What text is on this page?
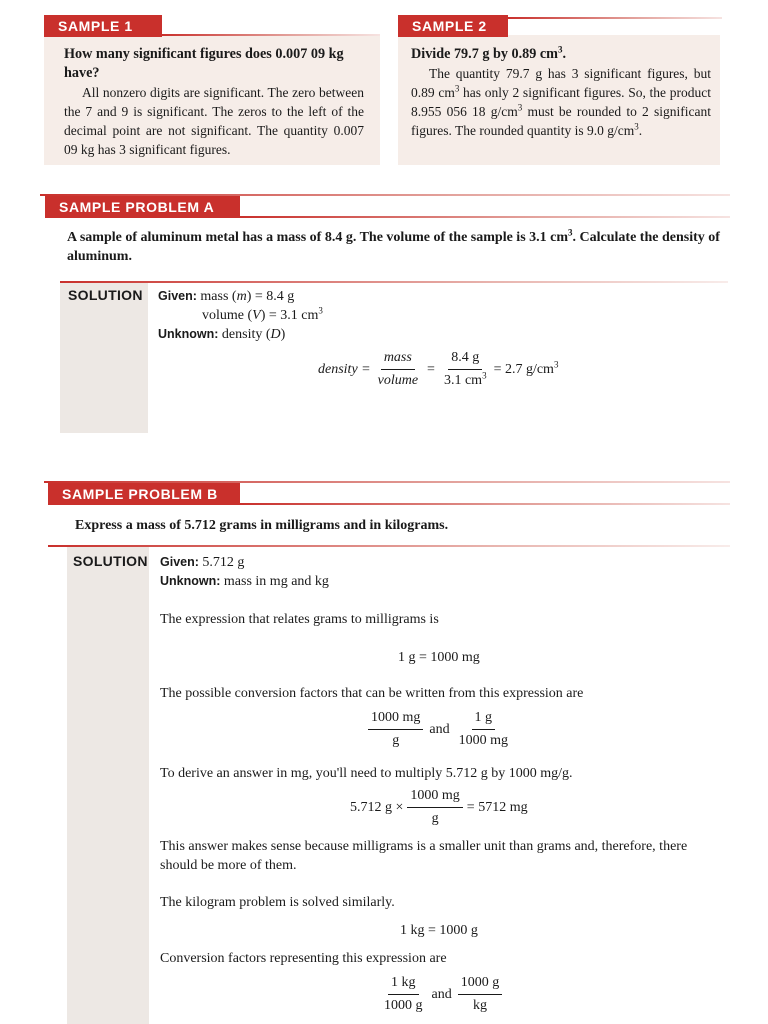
SAMPLE 1	SAMPLE 2
How many significant figures does 0.007 09 kg have?
All nonzero digits are significant. The zero between the 7 and 9 is significant. The zeros to the left of the decimal point are not significant. The quantity 0.007 09 kg has 3 significant figures.
Divide 79.7 g by 0.89 $cm^3$.
The quantity 79.7 g has 3 significant figures, but 0.89 $cm^3$ has only 2 significant figures. So, the product 8.955 056 18 $g/cm^3$ must be rounded to 2 significant figures. The rounded quantity is 9.0 $g/cm^3$.
SAMPLE PROBLEM A
A sample of aluminum metal has a mass of 8.4 g. The volume of the sample is 3.1 $cm^3$. Calculate the density of aluminum.
SOLUTION Given: mass (m) = 8.4 g
volume (V) = 3.1 $cm^3$
Unknown: density (D)
density = $\frac{\text{mass}}{\text{volume}} = \frac{8.4 g}{3.1 cm^3} = 2.7$ $g/cm^3$
SAMPLE PROBLEM B
Express a mass of 5.712 grams in milligrams and in kilograms.
SOLUTION Given: 5.712 g
Unknown: mass in mg and kg
The expression that relates grams to milligrams is
1 g = 1000 mg
The possible conversion factors that can be written from this expression are
$\frac{1000 mg}{g}$ and $\frac{1 g}{1000 mg}$
To derive an answer in mg, you'll need to multiply 5.712 g by 1000 mg/g.
5.712 $g \times \frac{1000 mg}{g} = 5712$ mg
This answer makes sense because milligrams is a smaller unit than grams and, therefore, there should be more of them.
The kilogram problem is solved similarly.
1 kg = 1000 g
Conversion factors representing this expression are
$\frac{1 kg}{1000 g}$ and $\frac{1000 g}{kg}$
